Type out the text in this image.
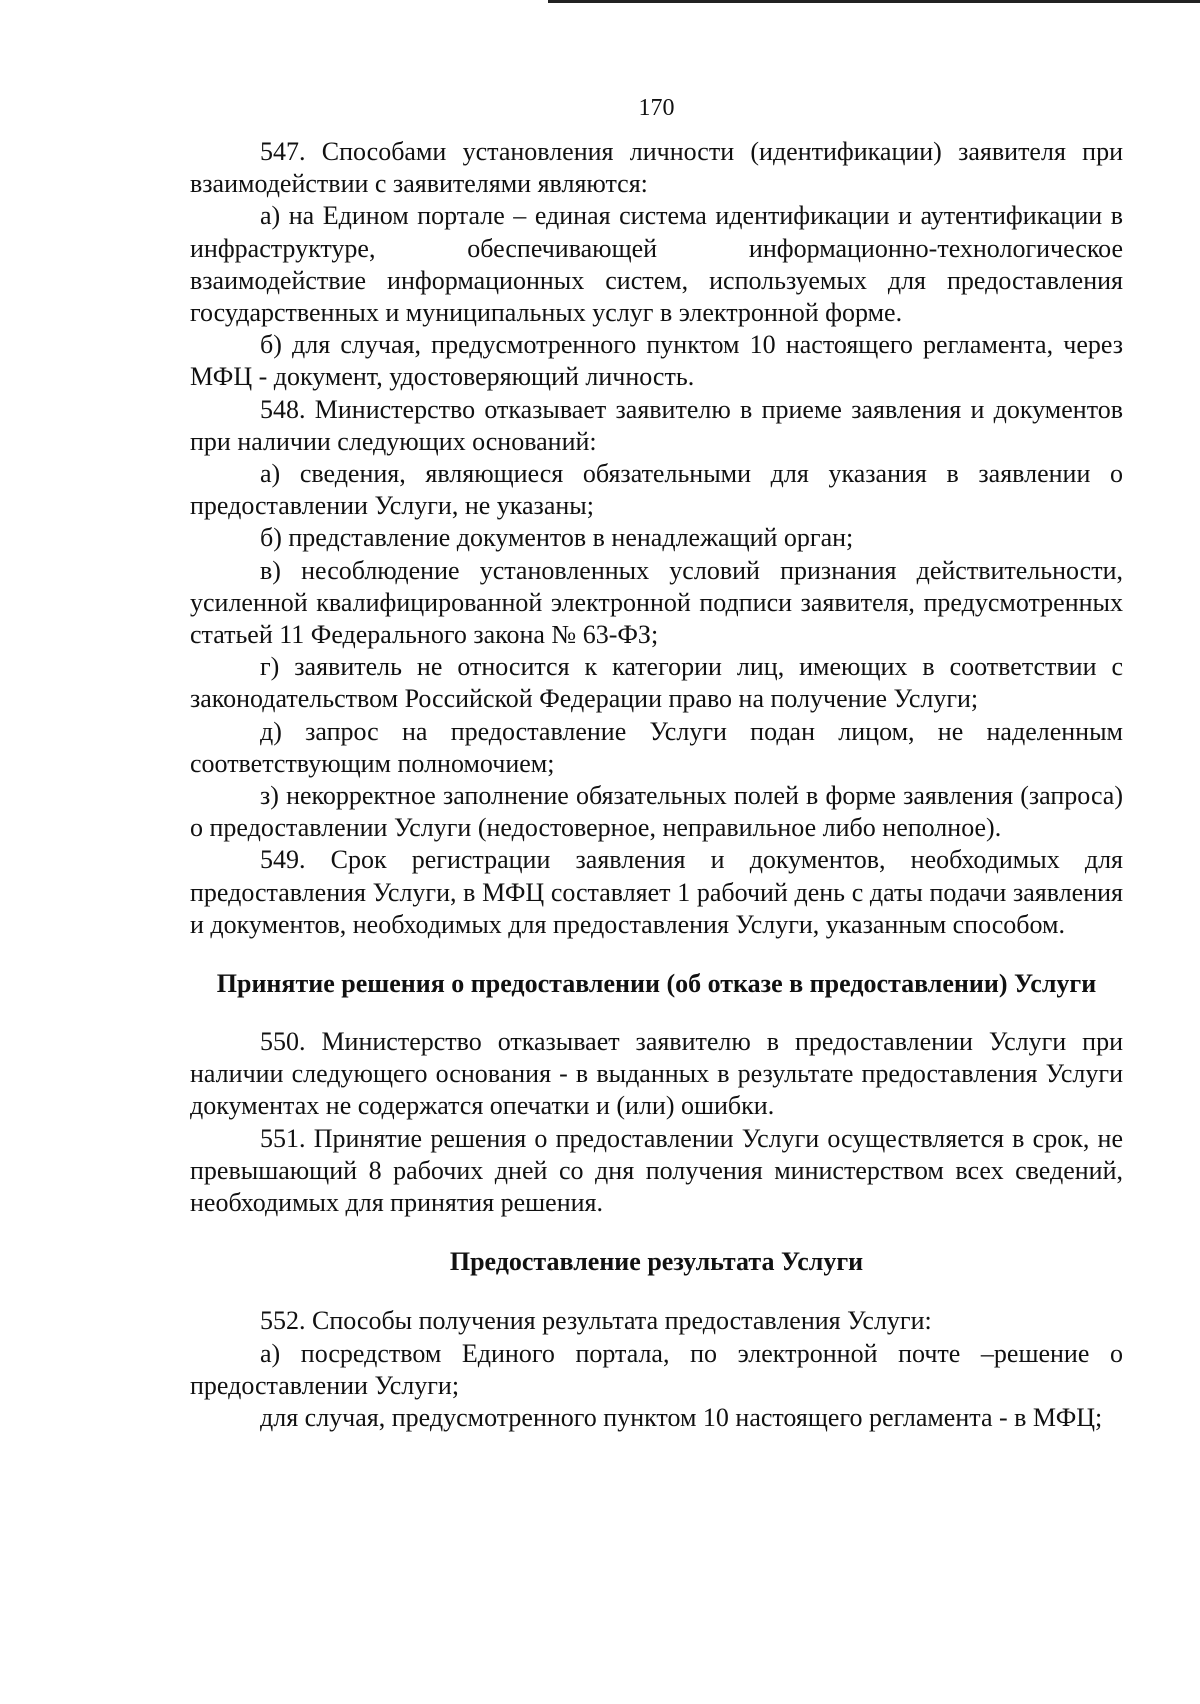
170

547. Способами установления личности (идентификации) заявителя при взаимодействии с заявителями являются:

а) на Едином портале – единая система идентификации и аутентификации в инфраструктуре, обеспечивающей информационно-технологическое взаимодействие информационных систем, используемых для предоставления государственных и муниципальных услуг в электронной форме.

б) для случая, предусмотренного пунктом 10 настоящего регламента, через МФЦ - документ, удостоверяющий личность.

548. Министерство отказывает заявителю в приеме заявления и документов при наличии следующих оснований:

а) сведения, являющиеся обязательными для указания в заявлении о предоставлении Услуги, не указаны;

б) представление документов в ненадлежащий орган;

в) несоблюдение установленных условий признания действительности, усиленной квалифицированной электронной подписи заявителя, предусмотренных статьей 11 Федерального закона № 63-ФЗ;

г) заявитель не относится к категории лиц, имеющих в соответствии с законодательством Российской Федерации право на получение Услуги;

д) запрос на предоставление Услуги подан лицом, не наделенным соответствующим полномочием;

з) некорректное заполнение обязательных полей в форме заявления (запроса) о предоставлении Услуги (недостоверное, неправильное либо неполное).

549. Срок регистрации заявления и документов, необходимых для предоставления Услуги, в МФЦ составляет 1 рабочий день с даты подачи заявления и документов, необходимых для предоставления Услуги, указанным способом.

Принятие решения о предоставлении (об отказе в предоставлении) Услуги

550. Министерство отказывает заявителю в предоставлении Услуги при наличии следующего основания - в выданных в результате предоставления Услуги документах не содержатся опечатки и (или) ошибки.

551. Принятие решения о предоставлении Услуги осуществляется в срок, не превышающий 8 рабочих дней со дня получения министерством всех сведений, необходимых для принятия решения.

Предоставление результата Услуги

552. Способы получения результата предоставления Услуги:

а) посредством Единого портала, по электронной почте –решение о предоставлении Услуги;

для случая, предусмотренного пунктом 10 настоящего регламента - в МФЦ;
